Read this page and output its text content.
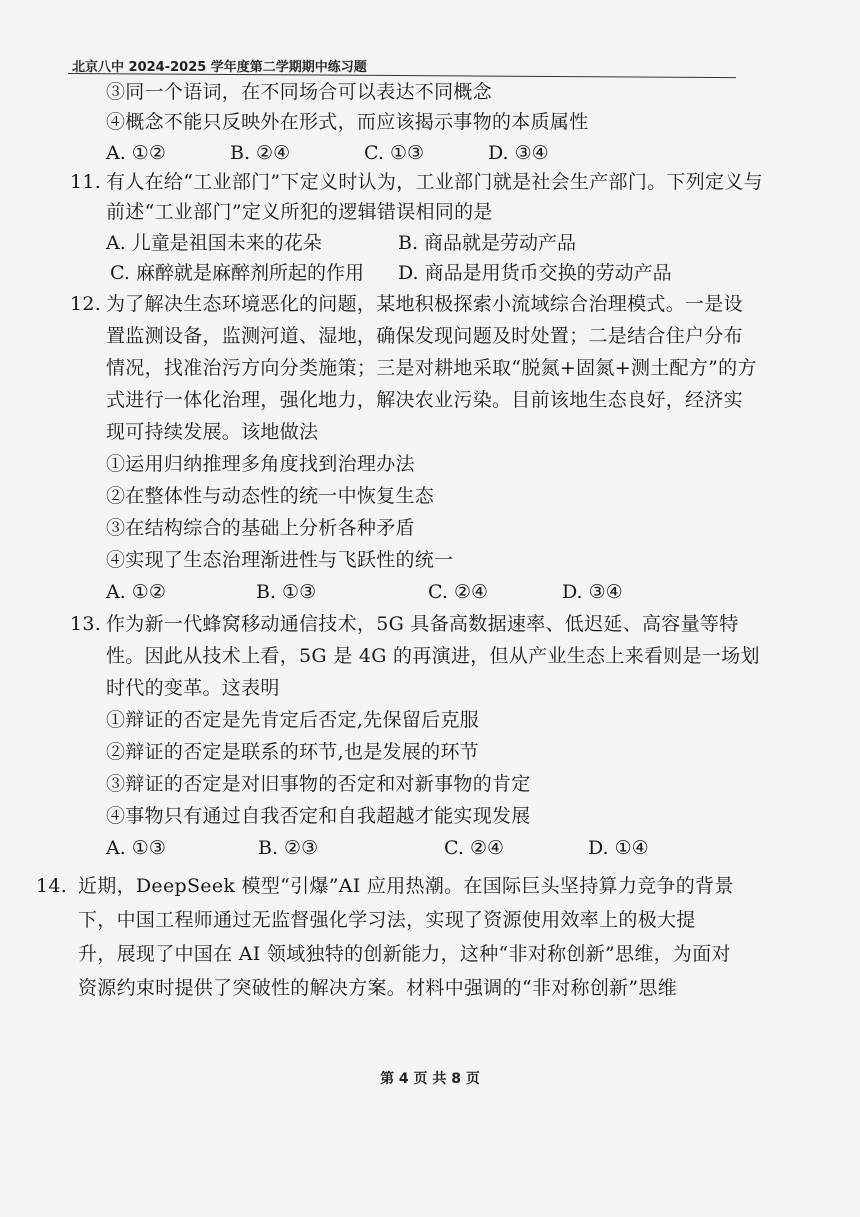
北京八中 2024-2025 学年度第二学期期中练习题
③同一个语词，在不同场合可以表达不同概念
④概念不能只反映外在形式，而应该揭示事物的本质属性
A. ①②	B. ②④	C. ①③	D. ③④
11. 有人在给“工业部门”下定义时认为，工业部门就是社会生产部门。下列定义与
前述“工业部门”定义所犯的逻辑错误相同的是
A. 儿童是祖国未来的花朵	B. 商品就是劳动产品
C. 麻醉就是麻醉剂所起的作用 D. 商品是用货币交换的劳动产品
12. 为了解决生态环境恶化的问题，某地积极探索小流域综合治理模式。一是设
置监测设备，监测河道、湿地，确保发现问题及时处置；二是结合住户分布
情况，找准治污方向分类施策；三是对耕地采取“脱氮+固氮+测土配方”的方
式进行一体化治理，强化地力，解决农业污染。目前该地生态良好，经济实
现可持续发展。该地做法
①运用归纳推理多角度找到治理办法
②在整体性与动态性的统一中恢复生态
③在结构综合的基础上分析各种矛盾
④实现了生态治理渐进性与飞跃性的统一
A. ①②	B. ①③	C. ②④	D. ③④
13. 作为新一代蜂窝移动通信技术，5G 具备高数据速率、低迟延、高容量等特
性。因此从技术上看，5G 是 4G 的再演进，但从产业生态上来看则是一场划
时代的变革。这表明
①辩证的否定是先肯定后否定,先保留后克服
②辩证的否定是联系的环节,也是发展的环节
③辩证的否定是对旧事物的否定和对新事物的肯定
④事物只有通过自我否定和自我超越才能实现发展
A. ①③	B. ②③	C. ②④	D. ①④
14. 近期，DeepSeek 模型“引爆”AI 应用热潮。在国际巨头坚持算力竞争的背景
下，中国工程师通过无监督强化学习法，实现了资源使用效率上的极大提
升，展现了中国在 AI 领域独特的创新能力，这种“非对称创新”思维，为面对
资源约束时提供了突破性的解决方案。材料中强调的“非对称创新”思维
第 4 页 共 8 页
